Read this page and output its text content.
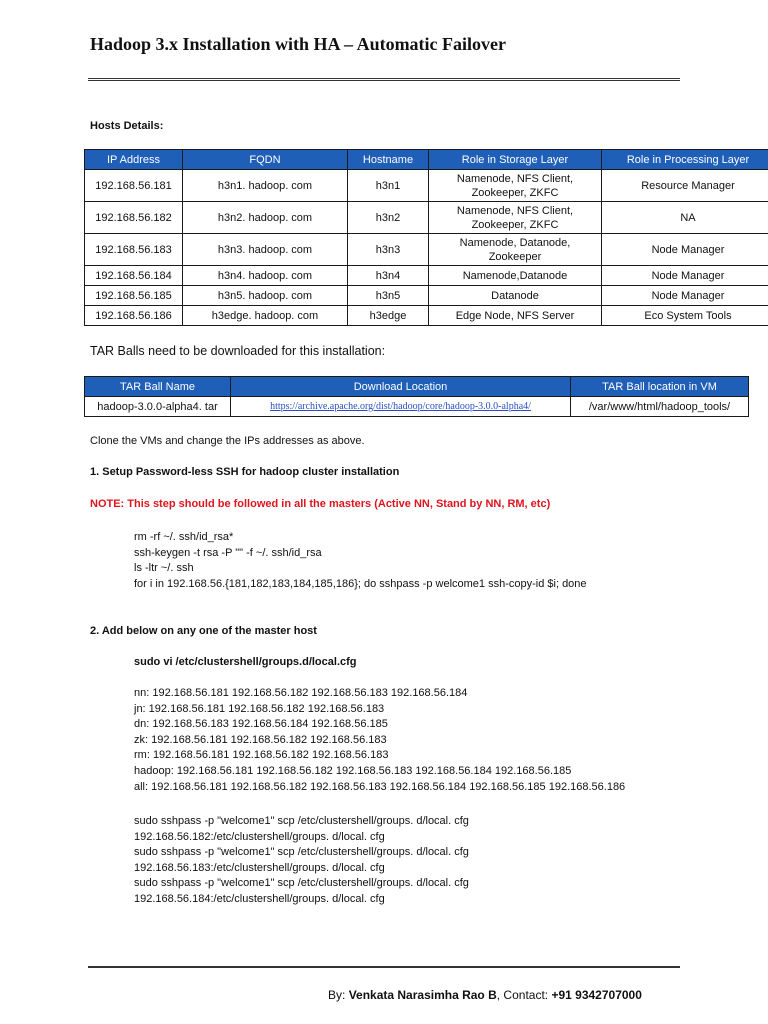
Hadoop 3.x Installation with HA – Automatic Failover

Hosts Details:

IP Address	FQDN	Hostname	Role in Storage Layer	Role in Processing Layer
192.168.56.181	h3n1. hadoop. com	h3n1	Namenode, NFS Client,
Zookeeper, ZKFC	Resource Manager
192.168.56.182	h3n2. hadoop. com	h3n2	Namenode, NFS Client,
Zookeeper, ZKFC	NA
192.168.56.183	h3n3. hadoop. com	h3n3	Namenode, Datanode,
Zookeeper	Node Manager
192.168.56.184	h3n4. hadoop. com	h3n4	Namenode,Datanode	Node Manager
192.168.56.185	h3n5. hadoop. com	h3n5	Datanode	Node Manager
192.168.56.186	h3edge. hadoop. com	h3edge	Edge Node, NFS Server	Eco System Tools

TAR Balls need to be downloaded for this installation:

TAR Ball Name	Download Location	TAR Ball location in VM
hadoop-3.0.0-alpha4. tar	https://archive.apache.org/dist/hadoop/core/hadoop-3.0.0-alpha4/	/var/www/html/hadoop_tools/

Clone the VMs and change the IPs addresses as above.

1. Setup Password-less SSH for hadoop cluster installation

NOTE: This step should be followed in all the masters (Active NN, Stand by NN, RM, etc)

rm -rf ~/. ssh/id_rsa*
ssh-keygen -t rsa -P "" -f ~/. ssh/id_rsa
ls -ltr ~/. ssh
for i in 192.168.56.{181,182,183,184,185,186}; do sshpass -p welcome1 ssh-copy-id $i; done

2. Add below on any one of the master host

sudo vi /etc/clustershell/groups.d/local.cfg

nn: 192.168.56.181 192.168.56.182 192.168.56.183 192.168.56.184
jn: 192.168.56.181 192.168.56.182 192.168.56.183
dn: 192.168.56.183 192.168.56.184 192.168.56.185
zk: 192.168.56.181 192.168.56.182 192.168.56.183
rm: 192.168.56.181 192.168.56.182 192.168.56.183
hadoop: 192.168.56.181 192.168.56.182 192.168.56.183 192.168.56.184 192.168.56.185
all: 192.168.56.181 192.168.56.182 192.168.56.183 192.168.56.184 192.168.56.185 192.168.56.186
sudo sshpass -p "welcome1" scp /etc/clustershell/groups. d/local. cfg
192.168.56.182:/etc/clustershell/groups. d/local. cfg
sudo sshpass -p "welcome1" scp /etc/clustershell/groups. d/local. cfg
192.168.56.183:/etc/clustershell/groups. d/local. cfg
sudo sshpass -p "welcome1" scp /etc/clustershell/groups. d/local. cfg
192.168.56.184:/etc/clustershell/groups. d/local. cfg

By: Venkata Narasimha Rao B, Contact: +91 9342707000
